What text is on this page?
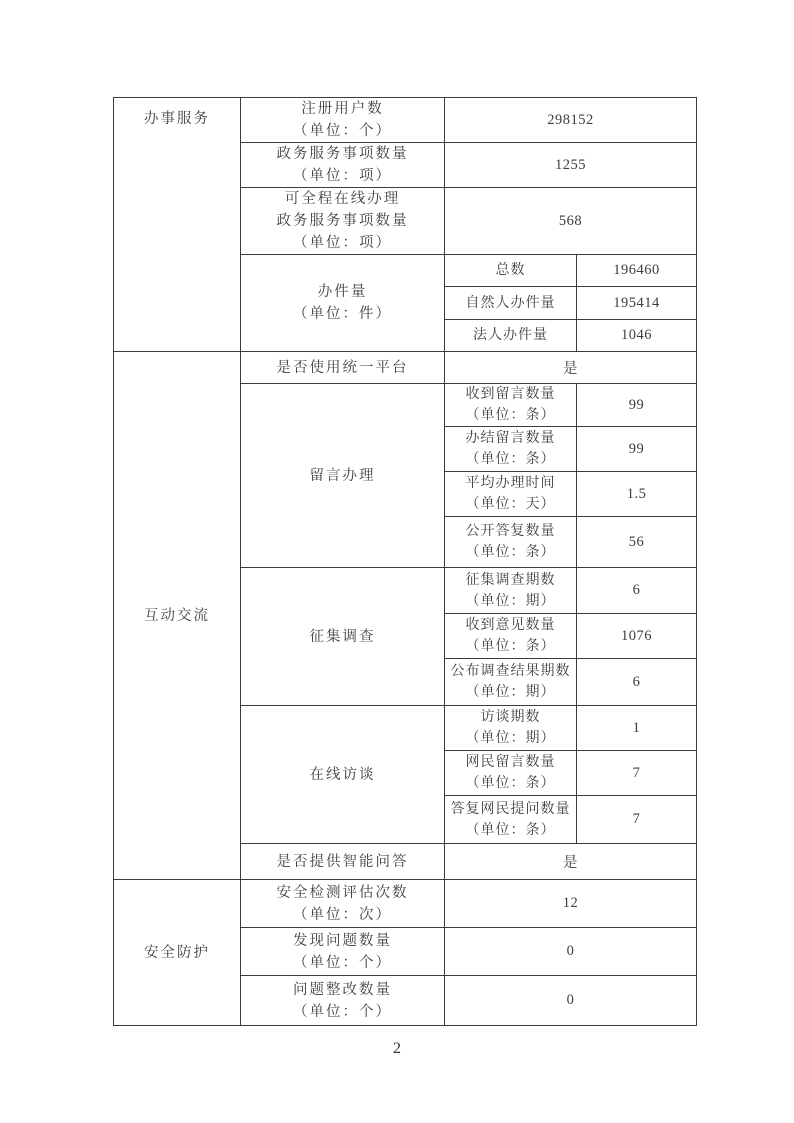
办事服务	注册用户数
（单位：个）	298152	

	政务服务事项数量
（单位：项）	1255	

	可全程在线办理
政务服务事项数量
（单位：项）	568	

	办件量
（单位：件）	总数	196460

		自然人办件量	195414

		法人办件量	1046

互动交流	是否使用统一平台	是	

	留言办理	收到留言数量
（单位：条）	99

		办结留言数量
（单位：条）	99

		平均办理时间
（单位：天）	1.5

		公开答复数量
（单位：条）	56

	征集调查	征集调查期数
（单位：期）	6

		收到意见数量
（单位：条）	1076

		公布调查结果期数
（单位：期）	6

	在线访谈	访谈期数
（单位：期）	1

		网民留言数量
（单位：条）	7

		答复网民提问数量
（单位：条）	7

	是否提供智能问答	是	

安全防护	安全检测评估次数
（单位：次）	12	

	发现问题数量
（单位：个）	0	

	问题整改数量
（单位：个）	0	
2
